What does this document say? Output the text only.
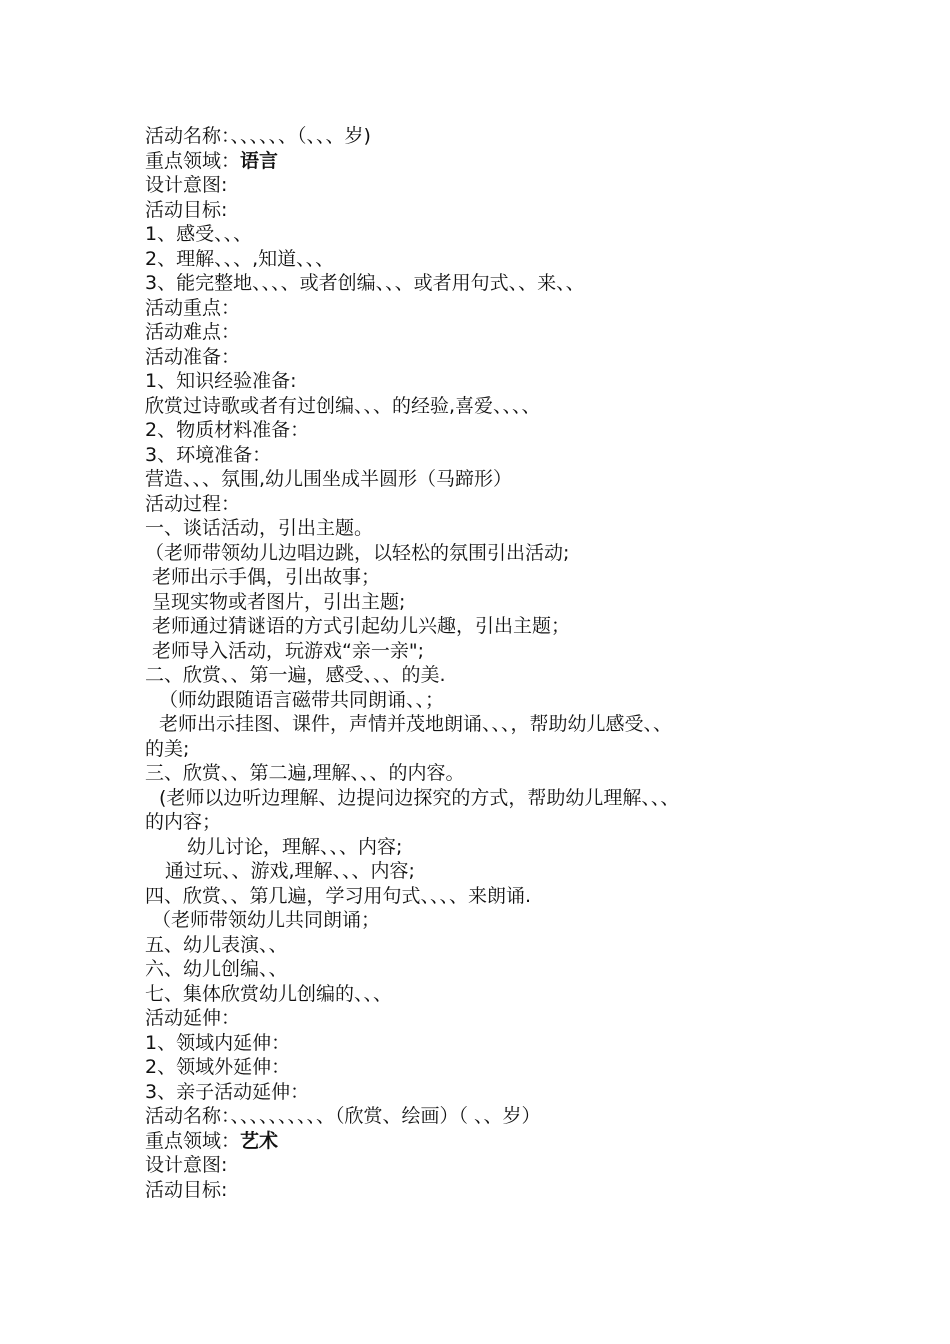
活动名称：、、、、、、（、、、岁)
重点领域：语言
设计意图:
活动目标:
1、感受、、、
2、理解、、、,知道、、、
3、能完整地、、、、或者创编、、、或者用句式、、来、、
活动重点：
活动难点：
活动准备：
1、知识经验准备:
欣赏过诗歌或者有过创编、、、的经验,喜爱、、、、
2、物质材料准备：
3、环境准备：
营造、、、氛围,幼儿围坐成半圆形（马蹄形）
活动过程：
一、谈话活动，引出主题。
（老师带领幼儿边唱边跳，以轻松的氛围引出活动;
老师出示手偶，引出故事；
呈现实物或者图片，引出主题;
老师通过猜谜语的方式引起幼儿兴趣，引出主题；
老师导入活动，玩游戏“亲一亲";
二、欣赏、、第一遍，感受、、、的美.
（师幼跟随语言磁带共同朗诵、、；
老师出示挂图、课件，声情并茂地朗诵、、、，帮助幼儿感受、、
的美;
三、欣赏、、第二遍,理解、、、的内容。
(老师以边听边理解、边提问边探究的方式，帮助幼儿理解、、、
的内容；
幼儿讨论，理解、、、内容;
通过玩、、游戏,理解、、、内容;
四、欣赏、、第几遍，学习用句式、、、、来朗诵.
（老师带领幼儿共同朗诵；
五、幼儿表演、、
六、幼儿创编、、
七、集体欣赏幼儿创编的、、、
活动延伸：
1、领域内延伸：
2、领域外延伸：
3、亲子活动延伸：
活动名称：、、、、、、、、、、（欣赏、绘画）（ 、、岁）
重点领域：艺术
设计意图:
活动目标:
